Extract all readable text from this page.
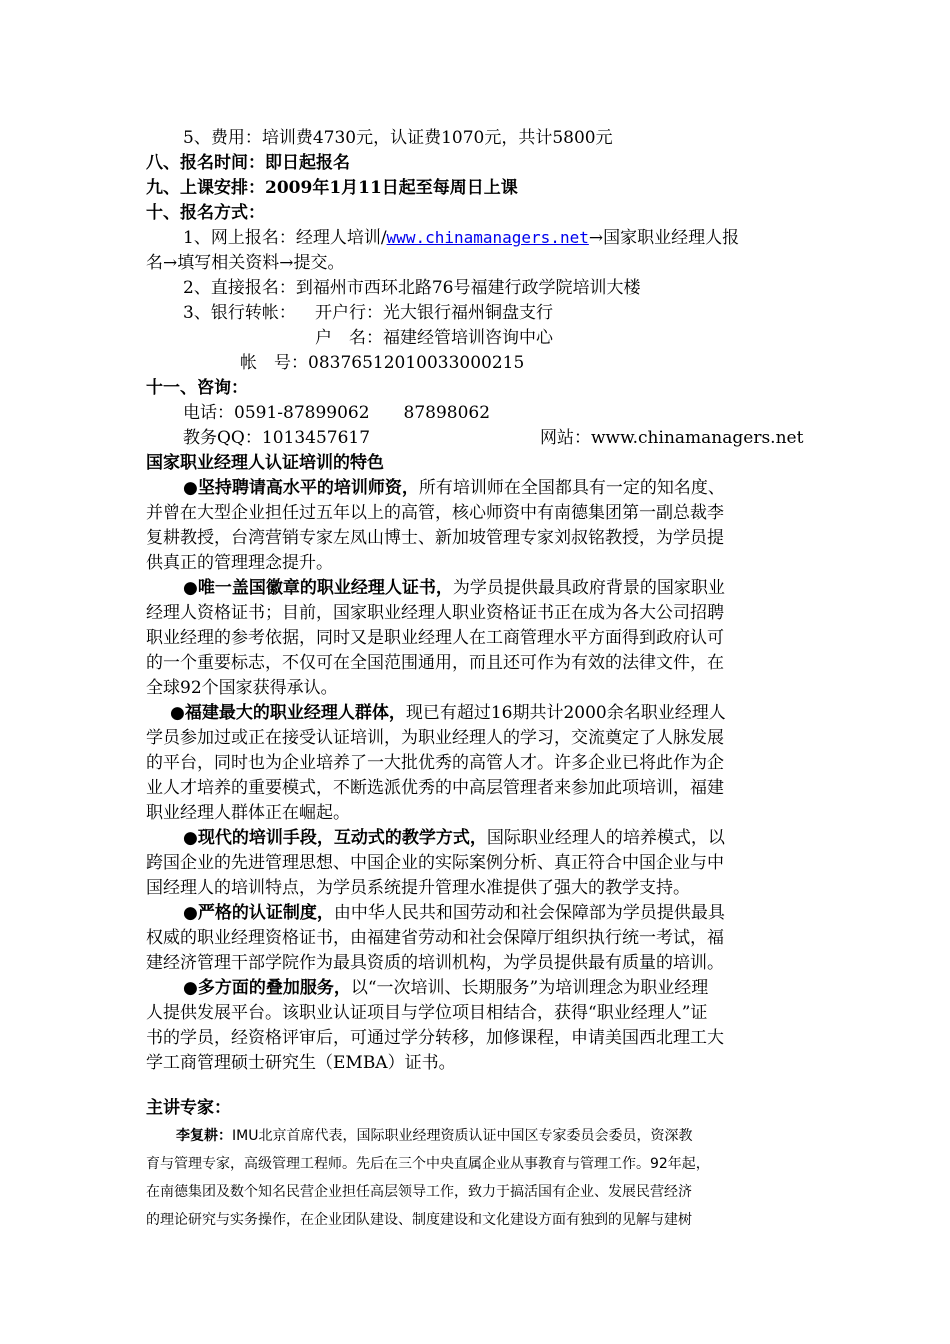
5、费用：培训费4730元，认证费1070元，共计5800元
八、报名时间：即日起报名
九、上课安排：2009年1月11日起至每周日上课
十、报名方式：
1、网上报名：经理人培训/www.chinamanagers.net→国家职业经理人报
名→填写相关资料→提交。
2、直接报名：到福州市西环北路76号福建行政学院培训大楼
3、银行转帐： 开户行：光大银行福州铜盘支行
户　名：福建经管培训咨询中心
帐　号：08376512010033000215
十一、咨询：
电话：0591-87899062　　87898062
教务QQ：1013457617	网站：www.chinamanagers.net
国家职业经理人认证培训的特色
●坚持聘请高水平的培训师资，所有培训师在全国都具有一定的知名度、
并曾在大型企业担任过五年以上的高管，核心师资中有南德集团第一副总裁李
复耕教授，台湾营销专家左凤山博士、新加坡管理专家刘叔铭教授，为学员提
供真正的管理理念提升。
●唯一盖国徽章的职业经理人证书，为学员提供最具政府背景的国家职业
经理人资格证书；目前，国家职业经理人职业资格证书正在成为各大公司招聘
职业经理的参考依据，同时又是职业经理人在工商管理水平方面得到政府认可
的一个重要标志，不仅可在全国范围通用，而且还可作为有效的法律文件，在
全球92个国家获得承认。
●福建最大的职业经理人群体，现已有超过16期共计2000余名职业经理人
学员参加过或正在接受认证培训，为职业经理人的学习，交流奠定了人脉发展
的平台，同时也为企业培养了一大批优秀的高管人才。许多企业已将此作为企
业人才培养的重要模式，不断选派优秀的中高层管理者来参加此项培训，福建
职业经理人群体正在崛起。
●现代的培训手段，互动式的教学方式，国际职业经理人的培养模式，以
跨国企业的先进管理思想、中国企业的实际案例分析、真正符合中国企业与中
国经理人的培训特点，为学员系统提升管理水准提供了强大的教学支持。
●严格的认证制度，由中华人民共和国劳动和社会保障部为学员提供最具
权威的职业经理资格证书，由福建省劳动和社会保障厅组织执行统一考试，福
建经济管理干部学院作为最具资质的培训机构，为学员提供最有质量的培训。
●多方面的叠加服务，以“一次培训、长期服务”为培训理念为职业经理
人提供发展平台。该职业认证项目与学位项目相结合，获得“职业经理人”证
书的学员，经资格评审后，可通过学分转移，加修课程，申请美国西北理工大
学工商管理硕士研究生（EMBA）证书。
主讲专家：
李复耕：IMU北京首席代表，国际职业经理资质认证中国区专家委员会委员，资深教
育与管理专家，高级管理工程师。先后在三个中央直属企业从事教育与管理工作。92年起，
在南德集团及数个知名民营企业担任高层领导工作，致力于搞活国有企业、发展民营经济
的理论研究与实务操作，在企业团队建设、制度建设和文化建设方面有独到的见解与建树
